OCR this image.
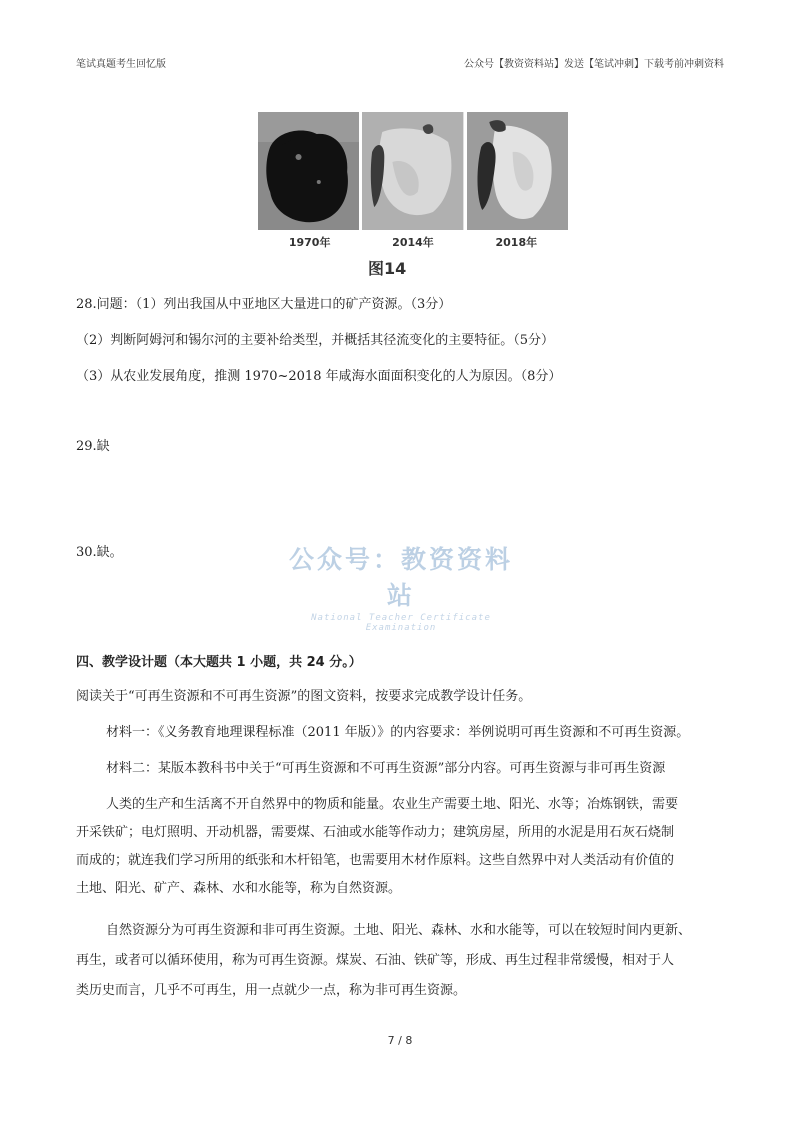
笔试真题考生回忆版	公众号【教资资料站】发送【笔试冲刺】下载考前冲刺资料
1970年	2014年	2018年
图14
28.问题：（1）列出我国从中亚地区大量进口的矿产资源。（3分）
（2）判断阿姆河和锡尔河的主要补给类型，并概括其径流变化的主要特征。（5分）
（3）从农业发展角度，推测 1970~2018 年咸海水面面积变化的人为原因。（8分）
29.缺
30.缺。	公众号：教资资料站
National Teacher Certificate Examination
四、教学设计题（本大题共 1 小题，共 24 分。）
阅读关于“可再生资源和不可再生资源”的图文资料，按要求完成教学设计任务。
材料一：《义务教育地理课程标准（2011 年版）》的内容要求：举例说明可再生资源和不可再生资源。
材料二：某版本教科书中关于“可再生资源和不可再生资源”部分内容。可再生资源与非可再生资源
人类的生产和生活离不开自然界中的物质和能量。农业生产需要土地、阳光、水等；冶炼钢铁，需要
开采铁矿；电灯照明、开动机器，需要煤、石油或水能等作动力；建筑房屋，所用的水泥是用石灰石烧制
而成的；就连我们学习所用的纸张和木杆铅笔，也需要用木材作原料。这些自然界中对人类活动有价值的
土地、阳光、矿产、森林、水和水能等，称为自然资源。
自然资源分为可再生资源和非可再生资源。土地、阳光、森林、水和水能等，可以在较短时间内更新、
再生，或者可以循环使用，称为可再生资源。煤炭、石油、铁矿等，形成、再生过程非常缓慢，相对于人
类历史而言，几乎不可再生，用一点就少一点，称为非可再生资源。
7 / 8
